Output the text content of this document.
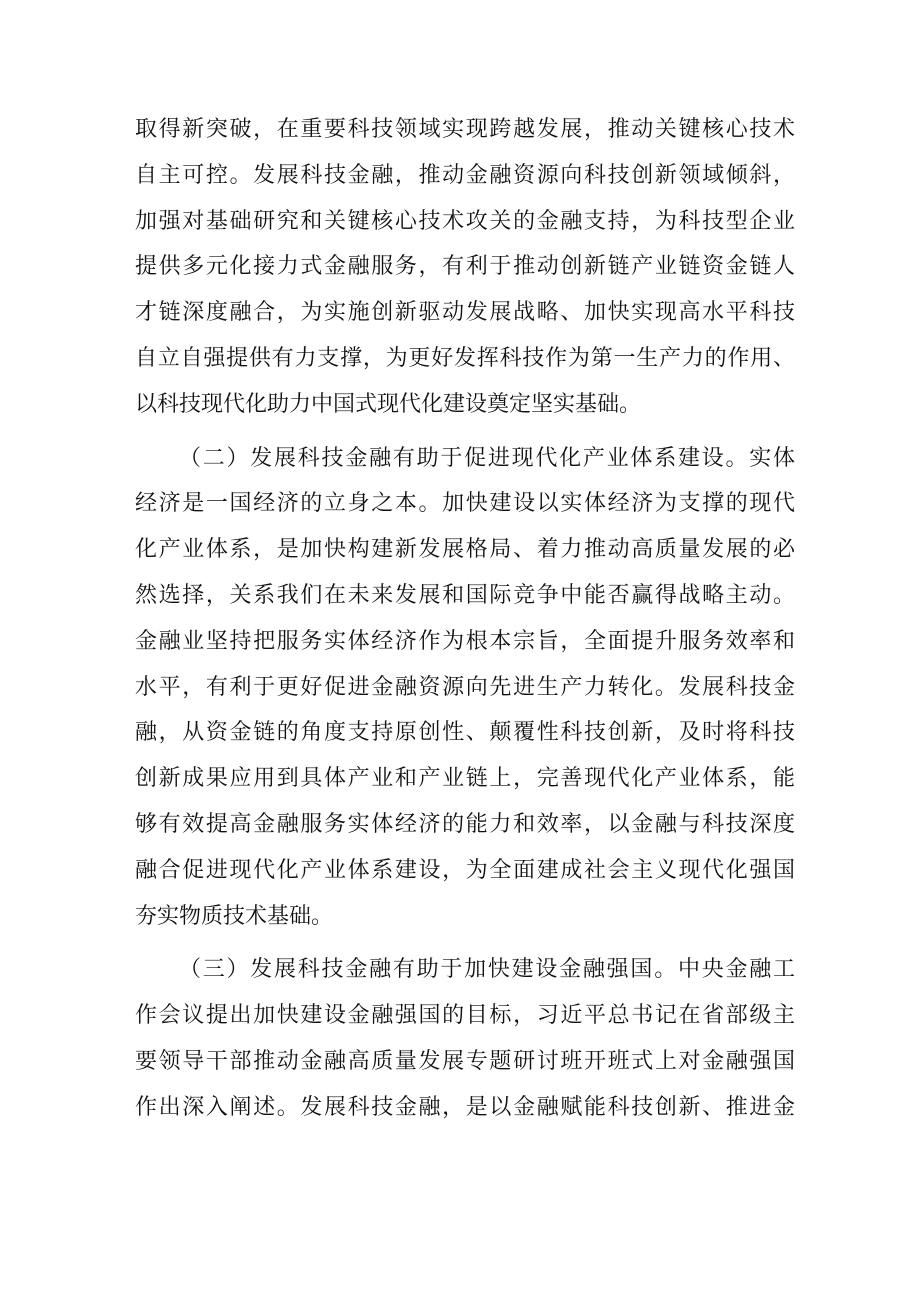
取得新突破，在重要科技领域实现跨越发展，推动关键核心技术
自主可控。发展科技金融，推动金融资源向科技创新领域倾斜，
加强对基础研究和关键核心技术攻关的金融支持，为科技型企业
提供多元化接力式金融服务，有利于推动创新链产业链资金链人
才链深度融合，为实施创新驱动发展战略、加快实现高水平科技
自立自强提供有力支撑，为更好发挥科技作为第一生产力的作用、
以科技现代化助力中国式现代化建设奠定坚实基础。
（二）发展科技金融有助于促进现代化产业体系建设。实体
经济是一国经济的立身之本。加快建设以实体经济为支撑的现代
化产业体系，是加快构建新发展格局、着力推动高质量发展的必
然选择，关系我们在未来发展和国际竞争中能否赢得战略主动。
金融业坚持把服务实体经济作为根本宗旨，全面提升服务效率和
水平，有利于更好促进金融资源向先进生产力转化。发展科技金
融，从资金链的角度支持原创性、颠覆性科技创新，及时将科技
创新成果应用到具体产业和产业链上，完善现代化产业体系，能
够有效提高金融服务实体经济的能力和效率，以金融与科技深度
融合促进现代化产业体系建设，为全面建成社会主义现代化强国
夯实物质技术基础。
（三）发展科技金融有助于加快建设金融强国。中央金融工
作会议提出加快建设金融强国的目标，习近平总书记在省部级主
要领导干部推动金融高质量发展专题研讨班开班式上对金融强国
作出深入阐述。发展科技金融，是以金融赋能科技创新、推进金
